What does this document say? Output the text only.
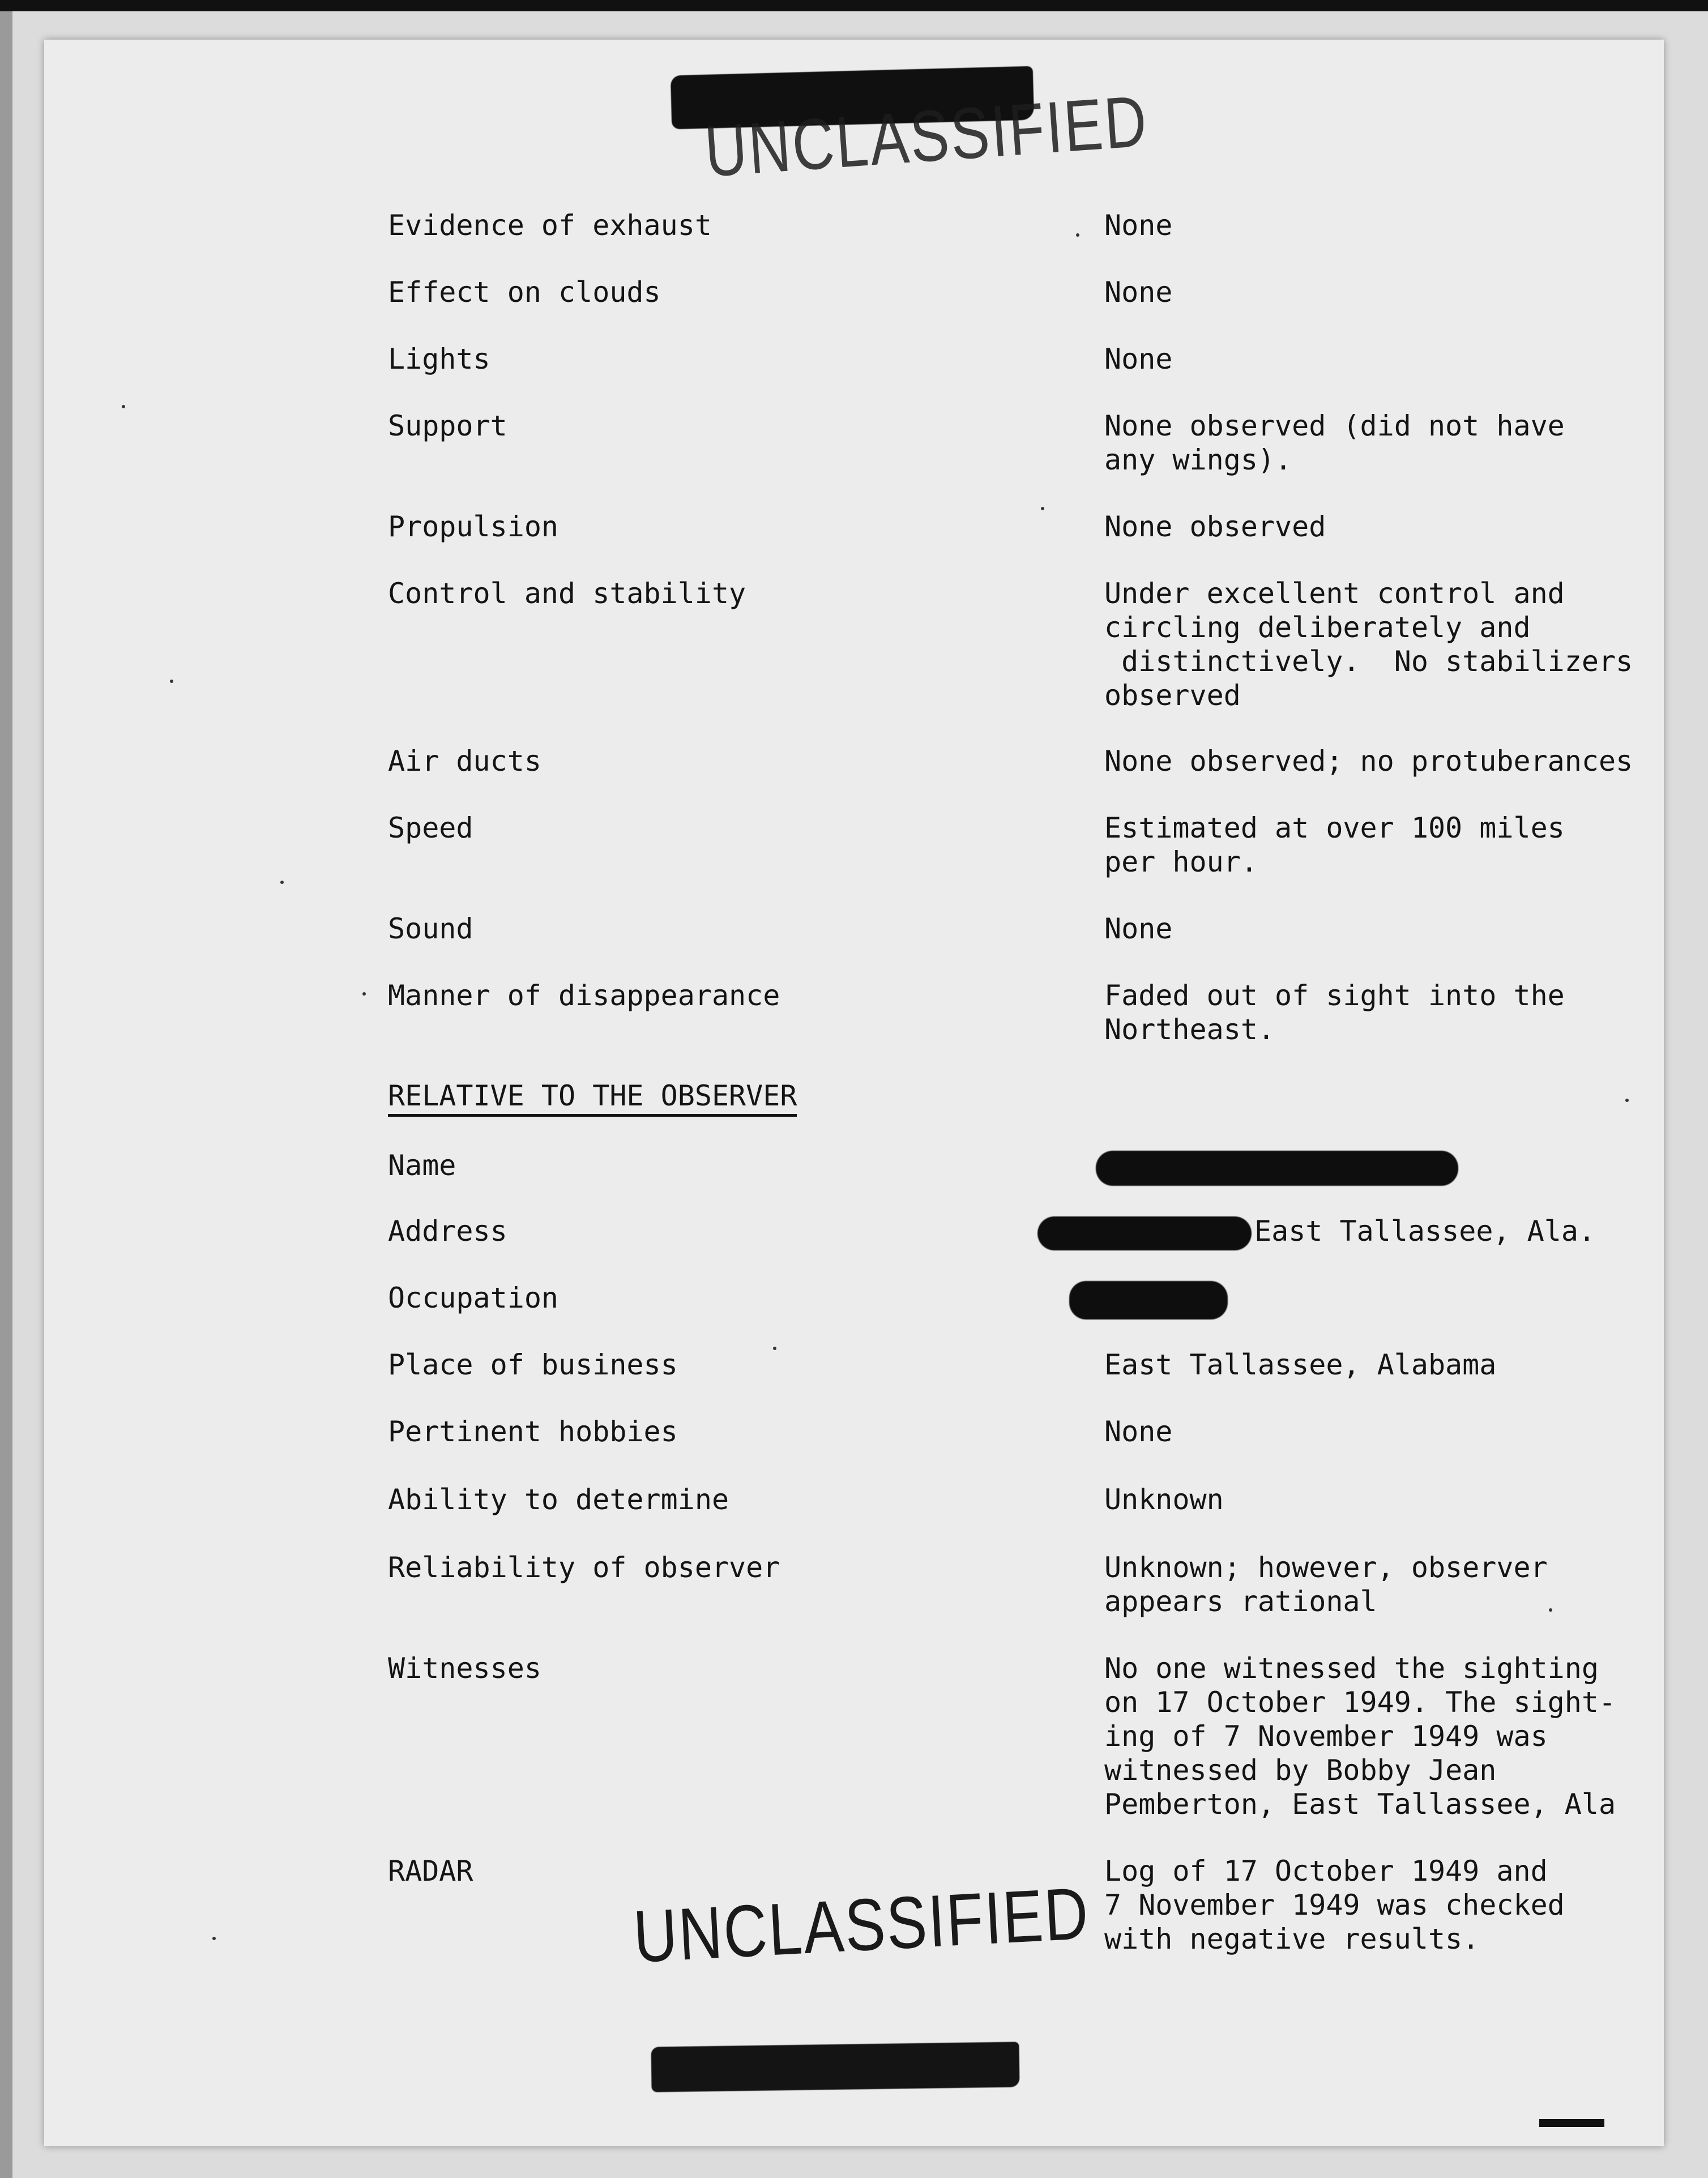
UNCLASSIFIED
Evidence of exhaust	None
Effect on clouds	None
Lights	None
Support	None observed (did not have
any wings).
Propulsion	None observed
Control and stability	Under excellent control and
circling deliberately and
distinctively.  No stabilizers
observed
Air ducts	None observed; no protuberances
Speed	Estimated at over 100 miles
per hour.
Sound	None
Manner of disappearance	Faded out of sight into the
Northeast.
RELATIVE TO THE OBSERVER
Name
Address	East Tallassee, Ala.
Occupation
Place of business	East Tallassee, Alabama
Pertinent hobbies	None
Ability to determine	Unknown
Reliability of observer	Unknown; however, observer
appears rational
Witnesses	No one witnessed the sighting
on 17 October 1949. The sight-
ing of 7 November 1949 was
witnessed by Bobby Jean
Pemberton, East Tallassee, Ala
RADAR	Log of 17 October 1949 and
7 November 1949 was checked
with negative results.
UNCLASSIFIED
